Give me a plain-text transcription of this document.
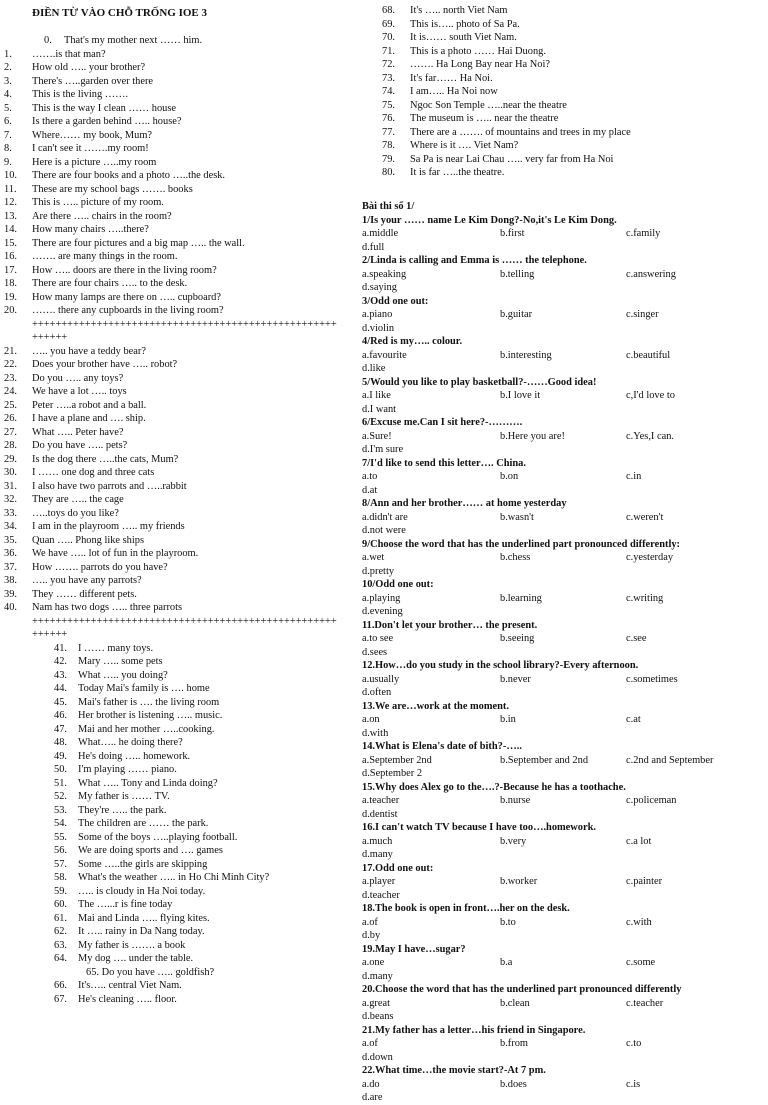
ĐIỀN TỪ VÀO CHỖ TRỐNG IOE 3
0. That's my mother next …… him.
1. …….is that man?
2. How old ….. your brother?
3. There's …..garden over there
4. This is the living …….
5. This is the way I clean …… house
6. Is there a garden behind ….. house?
7. Where…… my book, Mum?
8. I can't see it …….my room!
9. Here is a picture …..my room
10. There are four books and a photo …..the desk.
11. These are my school bags ……. books
12. This is ….. picture of my room.
13. Are there ….. chairs in the room?
14. How many chairs …..there?
15. There are four pictures and a big map ….. the wall.
16. ……. are many things in the room.
17. How ….. doors are there in the living room?
18. There are four chairs ….. to the desk.
19. How many lamps are there on ….. cupboard?
20. ……. there any cupboards in the living room?
++++++++++++++++++++++++++++++++++++++++++++++++++++++++++
21. ….. you have a teddy bear?
22. Does your brother have ….. robot?
23. Do you ….. any toys?
24. We have a lot ….. toys
25. Peter …..a robot and a ball.
26. I have a plane and …. ship.
27. What ….. Peter have?
28. Do you have ….. pets?
29. Is the dog there …..the cats, Mum?
30. I …… one dog and three cats
31. I also have two parrots and …..rabbit
32. They are ….. the cage
33. …..toys do you like?
34. I am in the playroom ….. my friends
35. Quan ….. Phong like ships
36. We have ….. lot of fun in the playroom.
37. How ……. parrots do you have?
38. ….. you have any parrots?
39. They …… different pets.
40. Nam has two dogs ….. three parrots
++++++++++++++++++++++++++++++++++++++++++++++++++++++++++
41. I …… many toys.
42. Mary ….. some pets
43. What ….. you doing?
44. Today Mai's family is …. home
45. Mai's father is …. the living room
46. Her brother is listening ….. music.
47. Mai and her mother …..cooking.
48. What….. he doing there?
49. He's doing ….. homework.
50. I'm playing …… piano.
51. What ….. Tony and Linda doing?
52. My father is …… TV.
53. They're ….. the park.
54. The children are …… the park.
55. Some of the boys …..playing football.
56. We are doing sports and …. games
57. Some …..the girls are skipping
58. What's the weather ….. in Ho Chi Minh City?
59. ….. is cloudy in Ha Noi today.
60. The …...r is fine today
61. Mai and Linda ….. flying kites.
62. It ….. rainy in Da Nang today.
63. My father is ……. a book
64. My dog …. under the table.
65. Do you have ….. goldfish?
66. It's….. central Viet Nam.
67. He's cleaning ….. floor.
68. It's ….. north Viet Nam
69. This is….. photo of Sa Pa.
70. It is…… south Viet Nam.
71. This is a photo …… Hai Duong.
72. ……. Ha Long Bay near Ha Noi?
73. It's far…… Ha Noi.
74. I am….. Ha Noi now
75. Ngoc Son Temple …..near the theatre
76. The museum is ….. near the theatre
77. There are a ……. of mountains and trees in my place
78. Where is it …. Viet Nam?
79. Sa Pa is near Lai Chau ….. very far from Ha Noi
80. It is far …..the theatre.
Bài thi số 1/
1/Is your …… name Le Kim Dong?-No,it's Le Kim Dong.
a.middle	b.first	c.family
d.full
2/Linda is calling and Emma is …… the telephone.
a.speaking	b.telling	c.answering
d.saying
3/Odd one out:
a.piano	b.guitar	c.singer
d.violin
4/Red is my….. colour.
a.favourite	b.interesting	c.beautiful
d.like
5/Would you like to play basketball?-……Good idea!
a.I like	b.I love it	c,I'd love to
d.I want
6/Excuse me.Can I sit here?-……….
a.Sure!	b.Here you are!	c.Yes,I can.
d.I'm sure
7/I'd like to send this letter…. China.
a.to	b.on	c.in
d.at
8/Ann and her brother…… at home yesterday
a.didn't are	b.wasn't	c.weren't
d.not were
9/Choose the word that has the underlined part pronounced differently:
a.wet	b.chess	c.yesterday
d.pretty
10/Odd one out:
a.playing	b.learning	c.writing
d.evening
11.Don't let your brother… the present.
a.to see	b.seeing	c.see
d.sees
12.How…do you study in the school library?-Every afternoon.
a.usually	b.never	c.sometimes
d.often
13.We are…work at the moment.
a.on	b.in	c.at
d.with
14.What is Elena's date of bith?-…..
a.September 2nd	b.September and 2nd	c.2nd and September
d.September 2
15.Why does Alex go to the….?-Because he has a toothache.
a.teacher	b.nurse	c.policeman
d.dentist
16.I can't watch TV because I have too….homework.
a.much	b.very	c.a lot
d.many
17.Odd one out:
a.player	b.worker	c.painter
d.teacher
18.The book is open in front….her on the desk.
a.of	b.to	c.with
d.by
19.May I have…sugar?
a.one	b.a	c.some
d.many
20.Choose the word that has the underlined part pronounced differently
a.great	b.clean	c.teacher
d.beans
21.My father has a letter…his friend in Singapore.
a.of	b.from	c.to
d.down
22.What time…the movie start?-At 7 pm.
a.do	b.does	c.is
d.are
